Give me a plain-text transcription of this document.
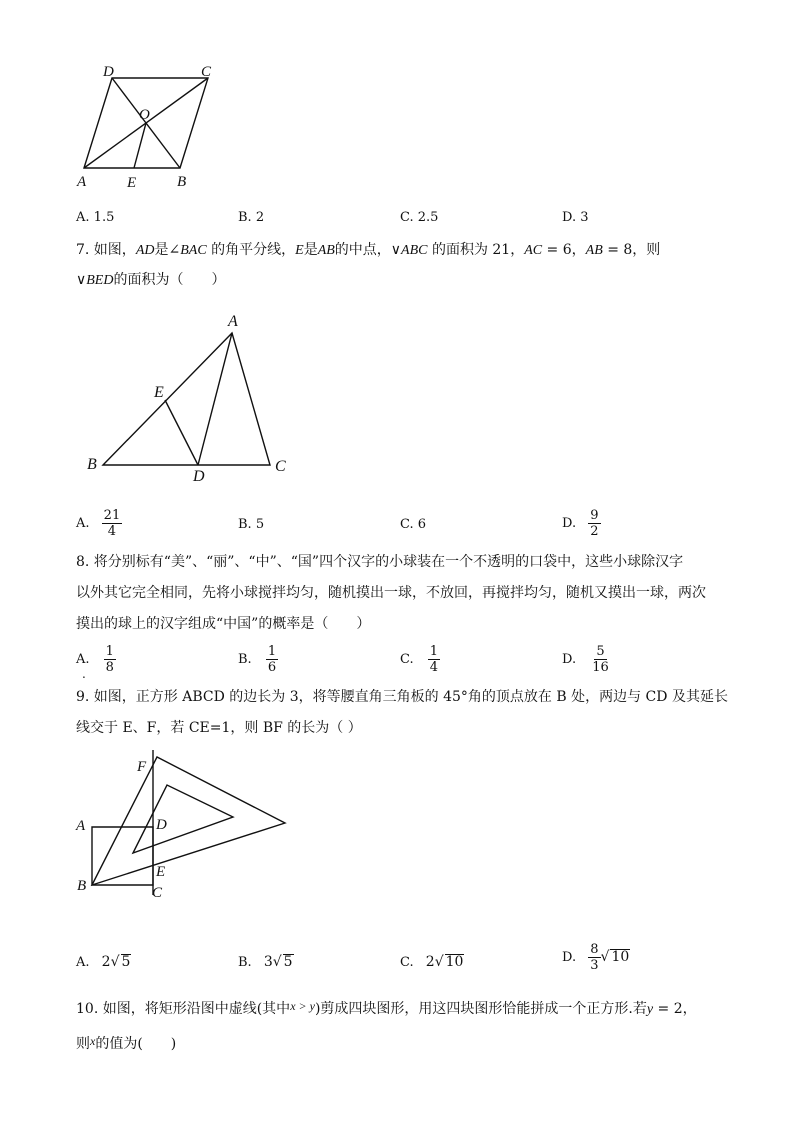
D	C
O
A	E	B
A. 1.5	B. 2	C. 2.5	D. 3
7. 如图，AD是∠BAC 的角平分线，E是AB的中点，∨ABC 的面积为 21，AC = 6，AB = 8，则
∨BED的面积为（　　）
A
E
B
D
C
A. $\frac{21}{4}$	B. 5	C. 6	D. $\frac{9}{2}$
8. 将分别标有“美”、“丽”、“中”、“国”四个汉字的小球装在一个不透明的口袋中，这些小球除汉字
以外其它完全相同，先将小球搅拌均匀，随机摸出一球，不放回，再搅拌均匀，随机又摸出一球，两次
摸出的球上的汉字组成“中国”的概率是（　　）
A. $\frac{1}{8}$
.
B. $\frac{1}{6}$	C. $\frac{1}{4}$	D. $\frac{5}{16}$
9. 如图，正方形 ABCD 的边长为 3，将等腰直角三角板的 45°角的顶点放在 B 处，两边与 CD 及其延长
线交于 E、F，若 CE=1，则 BF 的长为（ ）
F
A	D
E
B	C
A. 2√ 5	B. 3√ 5	C. 2√ 10	D. $\frac{8}{3}$ √ 10
10. 如图，将矩形沿图中虚线(其中x > y)剪成四块图形，用这四块图形恰能拼成一个正方形.若y = 2，
则x的值为(　　)
